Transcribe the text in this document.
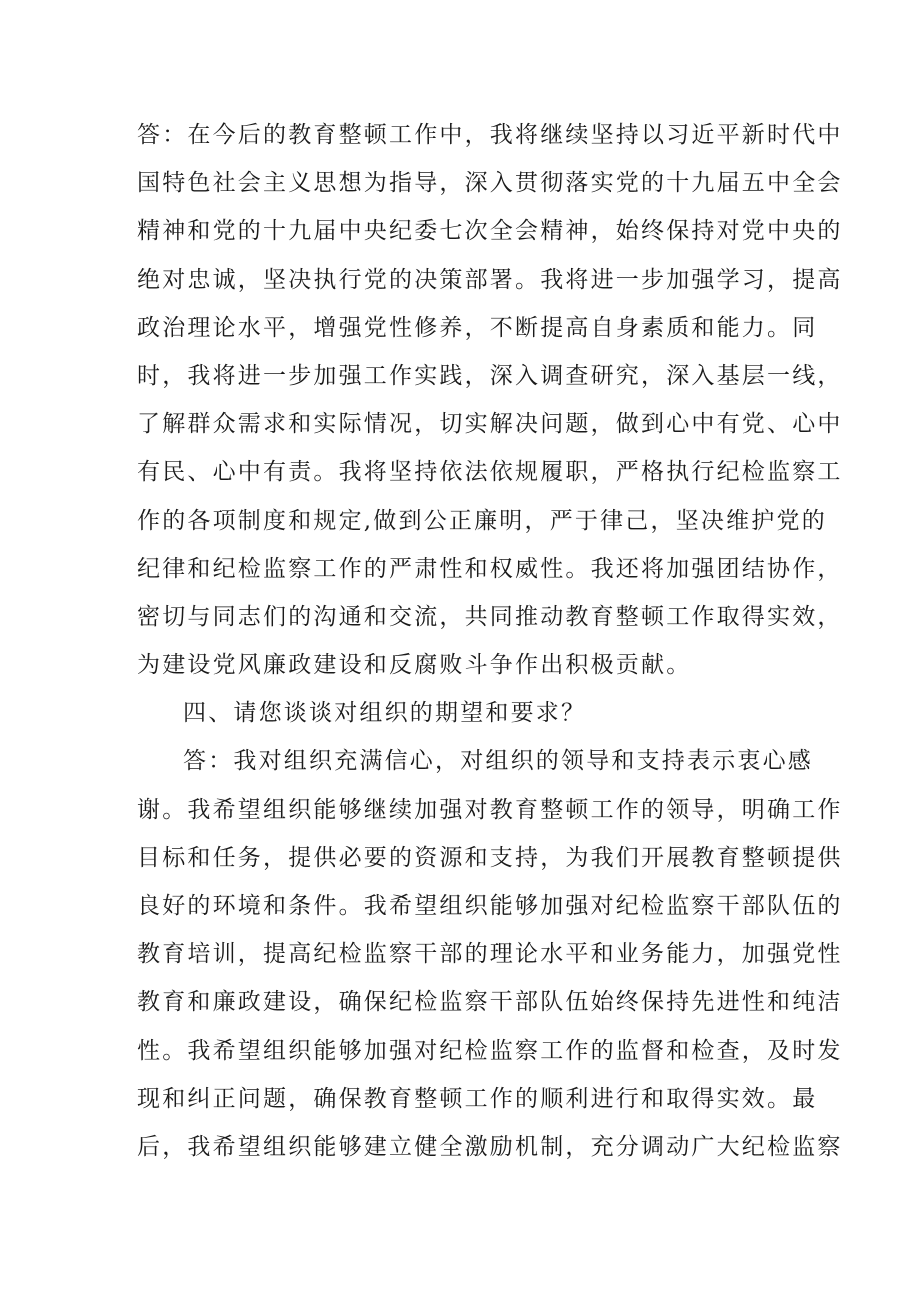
答：在今后的教育整顿工作中，我将继续坚持以习近平新时代中
国特色社会主义思想为指导，深入贯彻落实党的十九届五中全会
精神和党的十九届中央纪委七次全会精神，始终保持对党中央的
绝对忠诚，坚决执行党的决策部署。我将进一步加强学习，提高
政治理论水平，增强党性修养，不断提高自身素质和能力。同
时，我将进一步加强工作实践，深入调查研究，深入基层一线，
了解群众需求和实际情况，切实解决问题，做到心中有党、心中
有民、心中有责。我将坚持依法依规履职，严格执行纪检监察工
作的各项制度和规定,做到公正廉明，严于律己，坚决维护党的
纪律和纪检监察工作的严肃性和权威性。我还将加强团结协作，
密切与同志们的沟通和交流，共同推动教育整顿工作取得实效，
为建设党风廉政建设和反腐败斗争作出积极贡献。
四、请您谈谈对组织的期望和要求？
答：我对组织充满信心，对组织的领导和支持表示衷心感
谢。我希望组织能够继续加强对教育整顿工作的领导，明确工作
目标和任务，提供必要的资源和支持，为我们开展教育整顿提供
良好的环境和条件。我希望组织能够加强对纪检监察干部队伍的
教育培训，提高纪检监察干部的理论水平和业务能力，加强党性
教育和廉政建设，确保纪检监察干部队伍始终保持先进性和纯洁
性。我希望组织能够加强对纪检监察工作的监督和检查，及时发
现和纠正问题，确保教育整顿工作的顺利进行和取得实效。最
后，我希望组织能够建立健全激励机制，充分调动广大纪检监察
